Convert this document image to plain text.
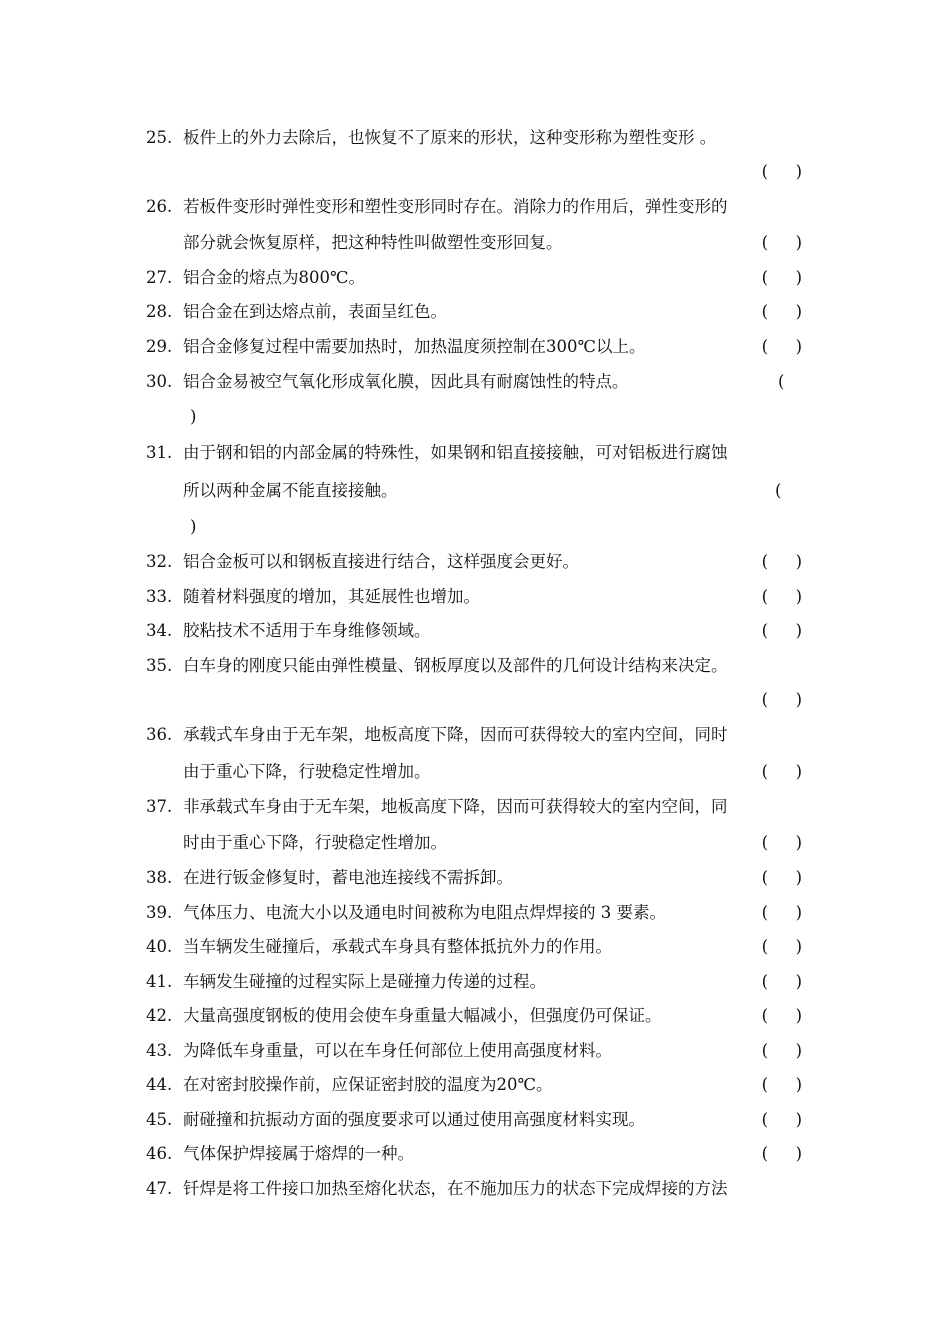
25. 板件上的外力去除后，也恢复不了原来的形状，这种变形称为塑性变形 。
( )
26. 若板件变形时弹性变形和塑性变形同时存在。消除力的作用后，弹性变形的
部分就会恢复原样，把这种特性叫做塑性变形回复。	( )
27. 铝合金的熔点为800℃。	( )
28. 铝合金在到达熔点前，表面呈红色。	( )
29. 铝合金修复过程中需要加热时，加热温度须控制在300℃以上。	( )
30. 铝合金易被空气氧化形成氧化膜，因此具有耐腐蚀性的特点。	(
)
31. 由于钢和铝的内部金属的特殊性，如果钢和铝直接接触，可对铝板进行腐蚀
所以两种金属不能直接接触。	(
)
32. 铝合金板可以和钢板直接进行结合，这样强度会更好。	( )
33. 随着材料强度的增加，其延展性也增加。	( )
34. 胶粘技术不适用于车身维修领域。	( )
35. 白车身的刚度只能由弹性模量、钢板厚度以及部件的几何设计结构来决定。
( )
36. 承载式车身由于无车架，地板高度下降，因而可获得较大的室内空间，同时
由于重心下降，行驶稳定性增加。	( )
37. 非承载式车身由于无车架，地板高度下降，因而可获得较大的室内空间，同
时由于重心下降，行驶稳定性增加。	( )
38. 在进行钣金修复时，蓄电池连接线不需拆卸。	( )
39. 气体压力、电流大小以及通电时间被称为电阻点焊焊接的 3 要素。	( )
40. 当车辆发生碰撞后，承载式车身具有整体抵抗外力的作用。	( )
41. 车辆发生碰撞的过程实际上是碰撞力传递的过程。	( )
42. 大量高强度钢板的使用会使车身重量大幅减小，但强度仍可保证。	( )
43. 为降低车身重量，可以在车身任何部位上使用高强度材料。	( )
44. 在对密封胶操作前，应保证密封胶的温度为20℃。	( )
45. 耐碰撞和抗振动方面的强度要求可以通过使用高强度材料实现。	( )
46. 气体保护焊接属于熔焊的一种。	( )
47. 钎焊是将工件接口加热至熔化状态，在不施加压力的状态下完成焊接的方法
